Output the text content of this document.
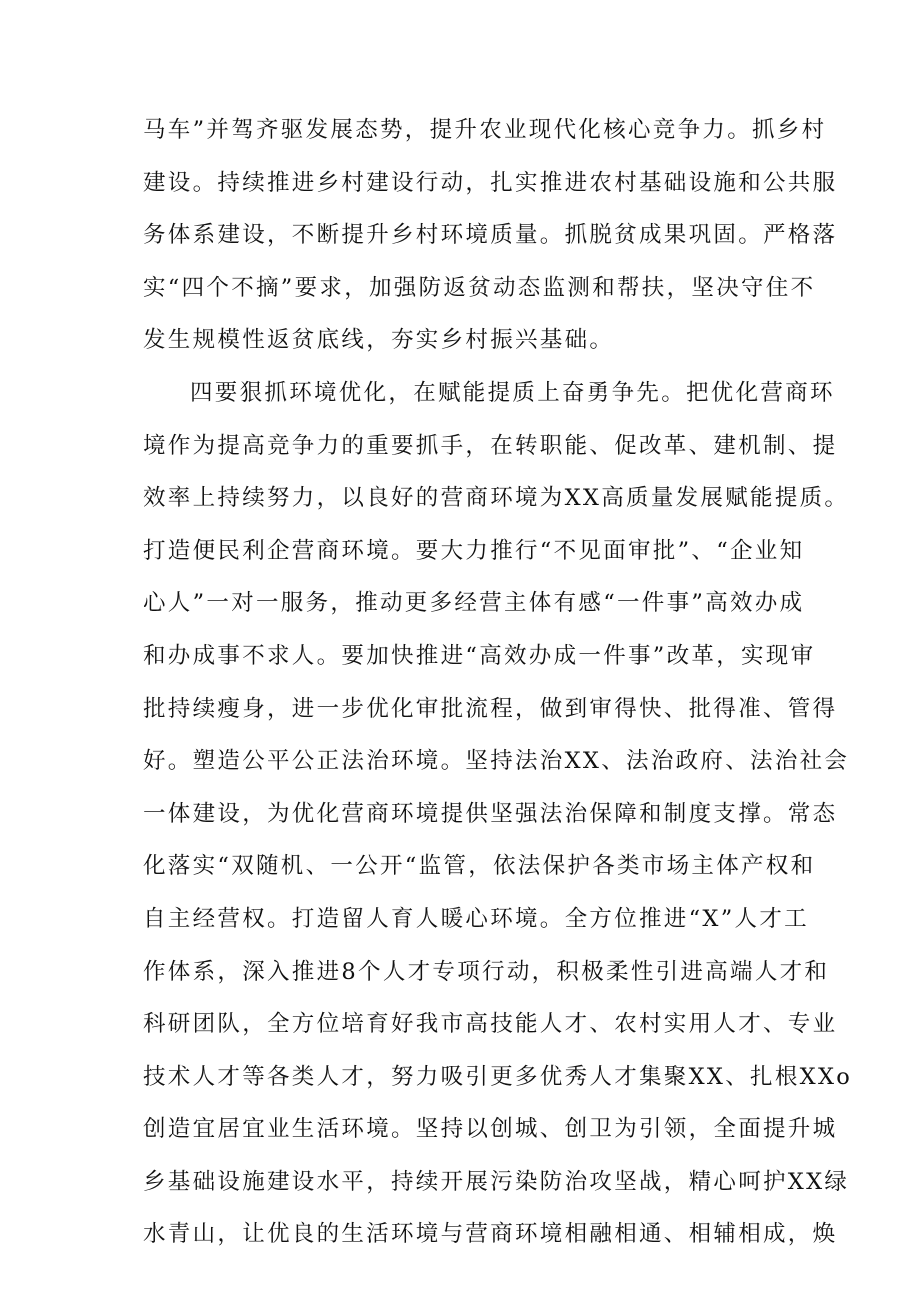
马车”并驾齐驱发展态势，提升农业现代化核心竞争力。抓乡村
建设。持续推进乡村建设行动，扎实推进农村基础设施和公共服
务体系建设，不断提升乡村环境质量。抓脱贫成果巩固。严格落
实“四个不摘”要求，加强防返贫动态监测和帮扶，坚决守住不
发生规模性返贫底线，夯实乡村振兴基础。
四要狠抓环境优化，在赋能提质上奋勇争先。把优化营商环
境作为提高竞争力的重要抓手，在转职能、促改革、建机制、提
效率上持续努力，以良好的营商环境为XX高质量发展赋能提质。
打造便民利企营商环境。要大力推行“不见面审批”、“企业知
心人”一对一服务，推动更多经营主体有感“一件事”高效办成
和办成事不求人。要加快推进“高效办成一件事”改革，实现审
批持续瘦身，进一步优化审批流程，做到审得快、批得准、管得
好。塑造公平公正法治环境。坚持法治XX、法治政府、法治社会
一体建设，为优化营商环境提供坚强法治保障和制度支撑。常态
化落实“双随机、一公开“监管，依法保护各类市场主体产权和
自主经营权。打造留人育人暖心环境。全方位推进“X”人才工
作体系，深入推进8个人才专项行动，积极柔性引进高端人才和
科研团队，全方位培育好我市高技能人才、农村实用人才、专业
技术人才等各类人才，努力吸引更多优秀人才集聚XX、扎根XXo
创造宜居宜业生活环境。坚持以创城、创卫为引领，全面提升城
乡基础设施建设水平，持续开展污染防治攻坚战，精心呵护XX绿
水青山，让优良的生活环境与营商环境相融相通、相辅相成，焕
